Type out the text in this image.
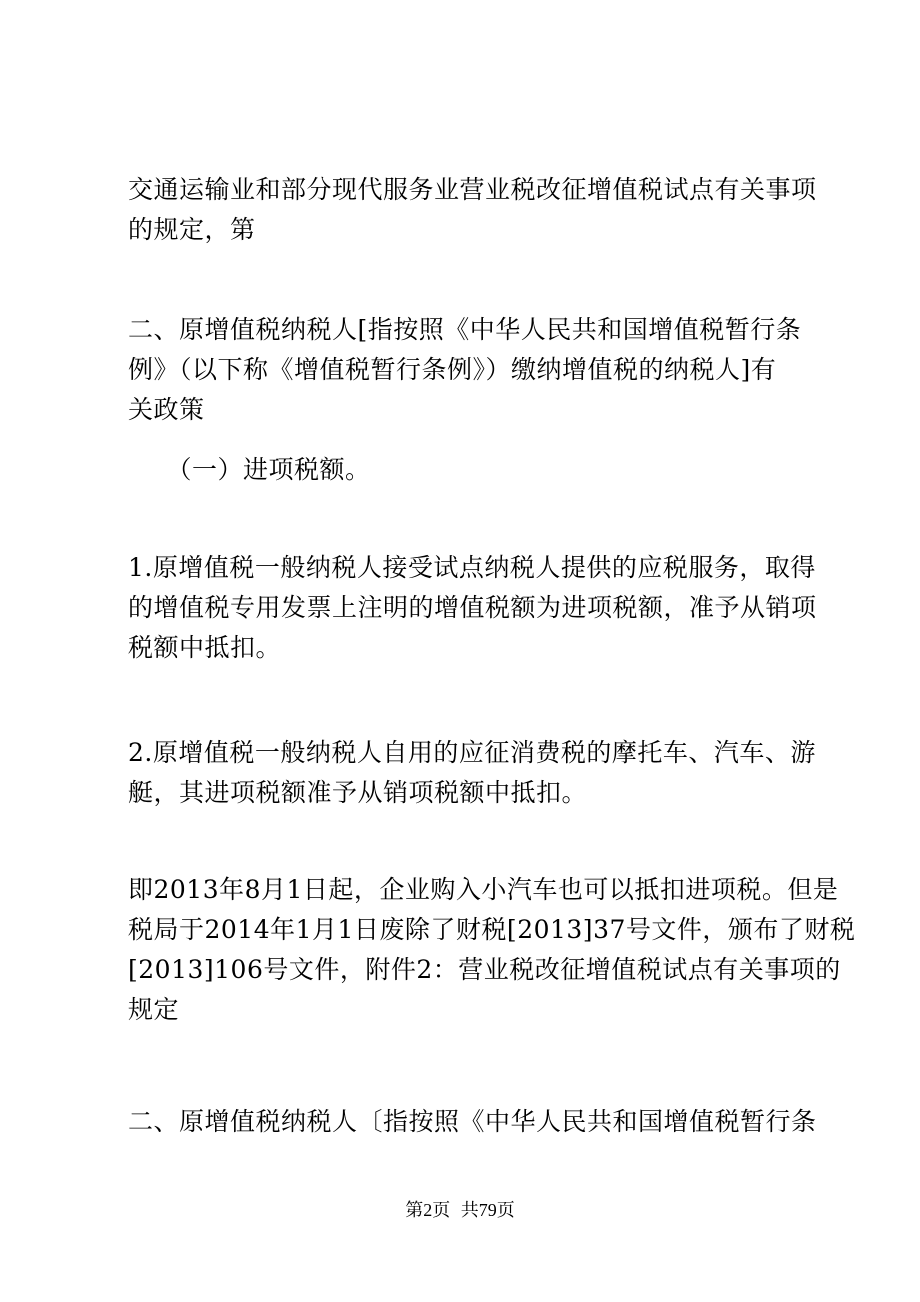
交通运输业和部分现代服务业营业税改征增值税试点有关事项
的规定，第
二、原增值税纳税人[指按照《中华人民共和国增值税暂行条
例》（以下称《增值税暂行条例》）缴纳增值税的纳税人]有
关政策
　　（一）进项税额。
1.原增值税一般纳税人接受试点纳税人提供的应税服务，取得
的增值税专用发票上注明的增值税额为进项税额，准予从销项
税额中抵扣。
2.原增值税一般纳税人自用的应征消费税的摩托车、汽车、游
艇，其进项税额准予从销项税额中抵扣。
即2013年8月1日起，企业购入小汽车也可以抵扣进项税。但是
税局于2014年1月1日废除了财税[2013]37号文件，颁布了财税
[2013]106号文件，附件2：营业税改征增值税试点有关事项的
规定
二、原增值税纳税人〔指按照《中华人民共和国增值税暂行条
第2页 共79页
